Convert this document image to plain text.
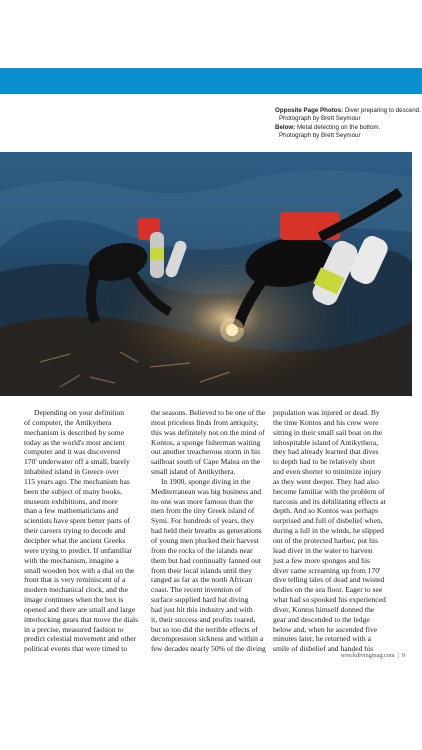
Opposite Page Photos: Diver preparing to descend.
Photograph by Brett Seymour
Below: Metal detecting on the bottom.
Photograph by Brett Seymour
Depending on your definition
of computer, the Antikythera
mechanism is described by some
today as the world's most ancient
computer and it was discovered
170' underwater off a small, barely
inhabited island in Greece over
115 years ago. The mechanism has
been the subject of many books,
museum exhibitions, and more
than a few mathematicians and
scientists have spent better parts of
their careers trying to decode and
decipher what the ancient Greeks
were trying to predict. If unfamiliar
with the mechanism, imagine a
small wooden box with a dial on the
front that is very reminiscent of a
modern mechanical clock, and the
image continues when the box is
opened and there are small and large
interlocking gears that move the dials
in a precise, measured fashion to
predict celestial movement and other
political events that were timed to
the seasons. Believed to be one of the
most priceless finds from antiquity,
this was definitely not on the mind of
Kontos, a sponge fisherman waiting
out another treacherous storm in his
sailboat south of Cape Malea on the
small island of Antikythera.
In 1900, sponge diving in the
Mediterranean was big business and
no one was more famous than the
men from the tiny Greek island of
Symi. For hundreds of years, they
had held their breaths as generations
of young men plucked their harvest
from the rocks of the islands near
them but had continually fanned out
from their local islands until they
ranged as far as the north African
coast. The recent invention of
surface supplied hard hat diving
had just hit this industry and with
it, their success and profits roared,
but so too did the terrible effects of
decompression sickness and within a
few decades nearly 50% of the diving
population was injured or dead. By
the time Kontos and his crew were
sitting in their small sail boat on the
inhospitable island of Antikythera,
they had already learned that dives
to depth had to be relatively short
and even shorter to minimize injury
as they went deeper. They had also
become familiar with the problem of
narcosis and its debilitating effects at
depth. And so Kontos was perhaps
surprised and full of disbelief when,
during a lull in the winds, he slipped
out of the protected harbor, put his
lead diver in the water to harvest
just a few more sponges and his
diver came screaming up from 170'
dive telling tales of dead and twisted
bodies on the sea floor. Eager to see
what had so spooked his experienced
diver, Kontos himself donned the
gear and descended to the ledge
below and, when he ascended five
minutes later, he returned with a
smile of disbelief and handed his
wreckdivingmag.com | 9
